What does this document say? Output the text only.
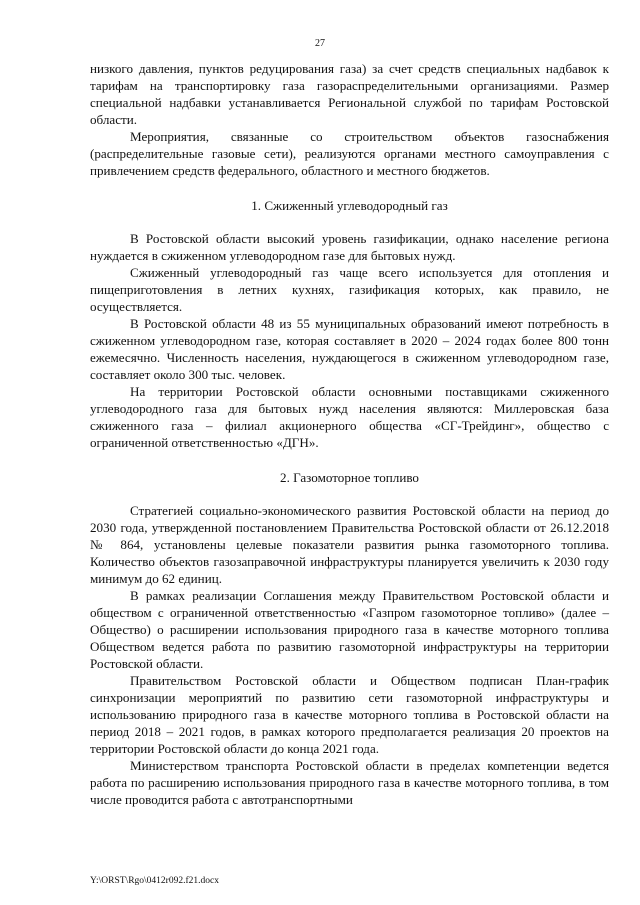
27

низкого давления, пунктов редуцирования газа) за счет средств специальных надбавок к тарифам на транспортировку газа газораспределительными организациями. Размер специальной надбавки устанавливается Региональной службой по тарифам Ростовской области.

Мероприятия, связанные со строительством объектов газоснабжения (распределительные газовые сети), реализуются органами местного самоуправления с привлечением средств федерального, областного и местного бюджетов.

1. Сжиженный углеводородный газ

В Ростовской области высокий уровень газификации, однако население региона нуждается в сжиженном углеводородном газе для бытовых нужд.

Сжиженный углеводородный газ чаще всего используется для отопления и пищеприготовления в летних кухнях, газификация которых, как правило, не осуществляется.

В Ростовской области 48 из 55 муниципальных образований имеют потребность в сжиженном углеводородном газе, которая составляет в 2020 – 2024 годах более 800 тонн ежемесячно. Численность населения, нуждающегося в сжиженном углеводородном газе, составляет около 300 тыс. человек.

На территории Ростовской области основными поставщиками сжиженного углеводородного газа для бытовых нужд населения являются: Миллеровская база сжиженного газа – филиал акционерного общества «СГ-Трейдинг», общество с ограниченной ответственностью «ДГН».

2. Газомоторное топливо

Стратегией социально-экономического развития Ростовской области на период до 2030 года, утвержденной постановлением Правительства Ростовской области от 26.12.2018 № 864, установлены целевые показатели развития рынка газомоторного топлива. Количество объектов газозаправочной инфраструктуры планируется увеличить к 2030 году минимум до 62 единиц.

В рамках реализации Соглашения между Правительством Ростовской области и обществом с ограниченной ответственностью «Газпром газомоторное топливо» (далее – Общество) о расширении использования природного газа в качестве моторного топлива Обществом ведется работа по развитию газомоторной инфраструктуры на территории Ростовской области.

Правительством Ростовской области и Обществом подписан План-график синхронизации мероприятий по развитию сети газомоторной инфраструктуры и использованию природного газа в качестве моторного топлива в Ростовской области на период 2018 – 2021 годов, в рамках которого предполагается реализация 20 проектов на территории Ростовской области до конца 2021 года.

Министерством транспорта Ростовской области в пределах компетенции ведется работа по расширению использования природного газа в качестве моторного топлива, в том числе проводится работа с автотранспортными

Y:\ORST\Rgo\0412r092.f21.docx
